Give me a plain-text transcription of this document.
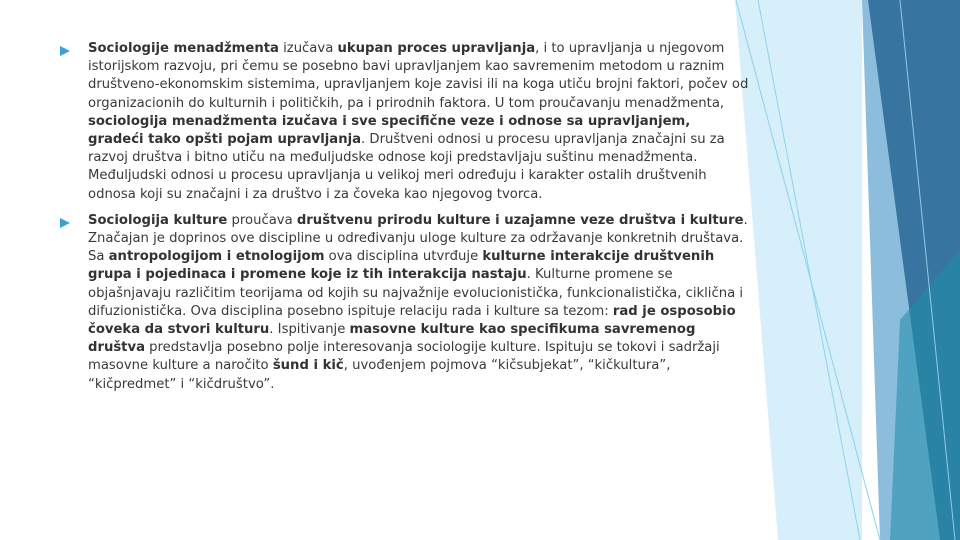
Sociologije menadžmenta izučava ukupan proces upravljanja, i to upravljanja u njegovom istorijskom razvoju, pri čemu se posebno bavi upravljanjem kao savremenim metodom u raznim društveno-ekonomskim sistemima, upravljanjem koje zavisi ili na koga utiču brojni faktori, počev od organizacionih do kulturnih i političkih, pa i prirodnih faktora. U tom proučavanju menadžmenta, sociologija menadžmenta izučava i sve specifične veze i odnose sa upravljanjem, gradeći tako opšti pojam upravljanja. Društveni odnosi u procesu upravljanja značajni su za razvoj društva i bitno utiču na međuljudske odnose koji predstavljaju suštinu menadžmenta. Međuljudski odnosi u procesu upravljanja u velikoj meri određuju i karakter ostalih društvenih odnosa koji su značajni i za društvo i za čoveka kao njegovog tvorca.
Sociologija kulture proučava društvenu prirodu kulture i uzajamne veze društva i kulture. Značajan je doprinos ove discipline u određivanju uloge kulture za održavanje konkretnih društava. Sa antropologijom i etnologijom ova disciplina utvrđuje kulturne interakcije društvenih grupa i pojedinaca i promene koje iz tih interakcija nastaju. Kulturne promene se objašnjavaju različitim teorijama od kojih su najvažnije evolucionistička, funkcionalistička, ciklična i difuzionistička. Ova disciplina posebno ispituje relaciju rada i kulture sa tezom: rad je osposobio čoveka da stvori kulturu. Ispitivanje masovne kulture kao specifikuma savremenog društva predstavlja posebno polje interesovanja sociologije kulture. Ispituju se tokovi i sadržaji masovne kulture a naročito šund i kič, uvođenjem pojmova “kičsubjekat”, “kičkultura”, “kičpredmet” i “kičdruštvo”.
